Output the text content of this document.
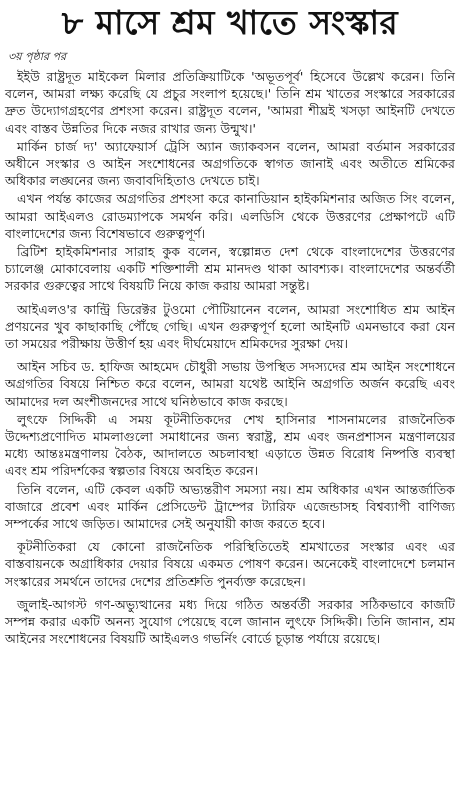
৮ মাসে শ্রম খাতে সংস্কার
৩য় পৃষ্ঠার পর

ইইউ রাষ্ট্রদূত মাইকেল মিলার প্রতিক্রিয়াটিকে 'অভূতপূর্ব' হিসেবে উল্লেখ করেন। তিনি বলেন, আমরা লক্ষ্য করেছি যে প্রচুর সংলাপ হয়েছে।' তিনি শ্রম খাতের সংস্কারে সরকারের দ্রুত উদ্যোগগ্রহণের প্রশংসা করেন। রাষ্ট্রদূত বলেন, 'আমরা শীঘ্রই খসড়া আইনটি দেখতে এবং বাস্তব উন্নতির দিকে নজর রাখার জন্য উন্মুখ।'

মার্কিন চার্জ দ্য' অ্যাফেয়ার্স ট্রেসি অ্যান জ্যাকবসন বলেন, আমরা বর্তমান সরকারের অধীনে সংস্কার ও আইন সংশোধনের অগ্রগতিকে স্বাগত জানাই এবং অতীতে শ্রমিকের অধিকার লঙ্ঘনের জন্য জবাবদিহিতাও দেখতে চাই।

এখন পর্যন্ত কাজের অগ্রগতির প্রশংসা করে কানাডিয়ান হাইকমিশনার অজিত সিং বলেন, আমরা আইএলও রোডম্যাপকে সমর্থন করি। এলডিসি থেকে উত্তরণের প্রেক্ষাপটে এটি বাংলাদেশের জন্য বিশেষভাবে গুরুত্বপূর্ণ।

ব্রিটিশ হাইকমিশনার সারাহ কুক বলেন, স্বল্পোন্নত দেশ থেকে বাংলাদেশের উত্তরণের চ্যালেঞ্জ মোকাবেলায় একটি শক্তিশালী শ্রম মানদণ্ড থাকা আবশ্যক। বাংলাদেশের অন্তর্বর্তী সরকার গুরুত্বের সাথে বিষয়টি নিয়ে কাজ করায় আমরা সন্তুষ্ট।

আইএলও'র কান্ট্রি ডিরেক্টর টুওমো পৌটিয়ানেন বলেন, আমরা সংশোধিত শ্রম আইন প্রণয়নের খুব কাছাকাছি পৌঁছে গেছি। এখন গুরুত্বপূর্ণ হলো আইনটি এমনভাবে করা যেন তা সময়ের পরীক্ষায় উত্তীর্ণ হয় এবং দীর্ঘমেয়াদে শ্রমিকদের সুরক্ষা দেয়।

আইন সচিব ড. হাফিজ আহমেদ চৌধুরী সভায় উপস্থিত সদস্যদের শ্রম আইন সংশোধনে অগ্রগতির বিষয়ে নিশ্চিত করে বলেন, আমরা যথেষ্ট আইনি অগ্রগতি অর্জন করেছি এবং আমাদের দল অংশীজনদের সাথে ঘনিষ্ঠভাবে কাজ করছে।

লুৎফে সিদ্দিকী এ সময় কূটনীতিকদের শেখ হাসিনার শাসনামলের রাজনৈতিক উদ্দেশ্যপ্রণোদিত মামলাগুলো সমাধানের জন্য স্বরাষ্ট্র, শ্রম এবং জনপ্রশাসন মন্ত্রণালয়ের মধ্যে আন্তঃমন্ত্রণালয় বৈঠক, আদালতে অচলাবস্থা এড়াতে উন্নত বিরোধ নিষ্পত্তি ব্যবস্থা এবং শ্রম পরিদর্শকের স্বল্পতার বিষয়ে অবহিত করেন।

তিনি বলেন, এটি কেবল একটি অভ্যন্তরীণ সমস্যা নয়। শ্রম অধিকার এখন আন্তর্জাতিক বাজারে প্রবেশ এবং মার্কিন প্রেসিডেন্ট ট্রাম্পের ট্যারিফ এজেন্ডাসহ বিশ্বব্যাপী বাণিজ্য সম্পর্কের সাথে জড়িত। আমাদের সেই অনুযায়ী কাজ করতে হবে।

কূটনীতিকরা যে কোনো রাজনৈতিক পরিস্থিতিতেই শ্রমখাতের সংস্কার এবং এর বাস্তবায়নকে অগ্রাধিকার দেয়ার বিষয়ে একমত পোষণ করেন। অনেকেই বাংলাদেশে চলমান সংস্কারের সমর্থনে তাদের দেশের প্রতিশ্রুতি পুনর্ব্যক্ত করেছেন।

জুলাই-আগস্ট গণ-অভ্যুত্থানের মধ্য দিয়ে গঠিত অন্তর্বর্তী সরকার সঠিকভাবে কাজটি সম্পন্ন করার একটি অনন্য সুযোগ পেয়েছে বলে জানান লুৎফে সিদ্দিকী। তিনি জানান, শ্রম আইনের সংশোধনের বিষয়টি আইএলও গভর্নিং বোর্ডে চূড়ান্ত পর্যায়ে রয়েছে।
